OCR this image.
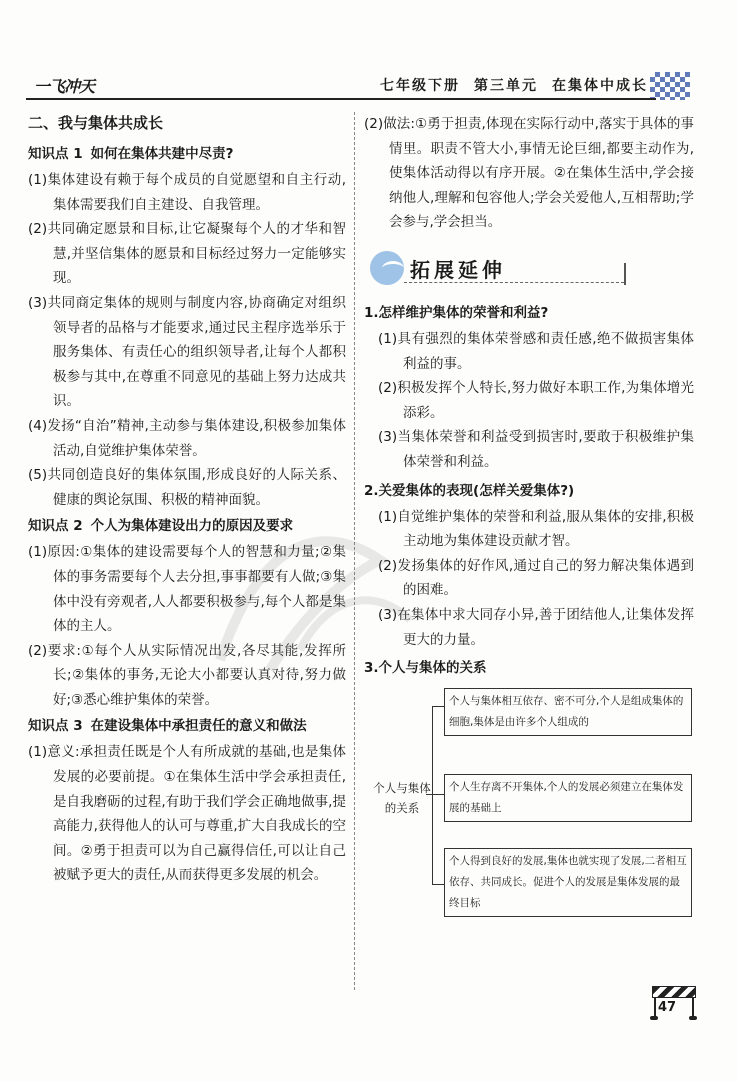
一飞冲天	七年级下册 第三单元 在集体中成长
二、我与集体共成长
知识点 1 如何在集体共建中尽责?

(1)集体建设有赖于每个成员的自觉愿望和自主行动,集体需要我们自主建设、自我管理。

(2)共同确定愿景和目标,让它凝聚每个人的才华和智慧,并坚信集体的愿景和目标经过努力一定能够实现。

(3)共同商定集体的规则与制度内容,协商确定对组织领导者的品格与才能要求,通过民主程序选举乐于服务集体、有责任心的组织领导者,让每个人都积极参与其中,在尊重不同意见的基础上努力达成共识。

(4)发扬“自治”精神,主动参与集体建设,积极参加集体活动,自觉维护集体荣誉。

(5)共同创造良好的集体氛围,形成良好的人际关系、健康的舆论氛围、积极的精神面貌。

知识点 2 个人为集体建设出力的原因及要求

(1)原因:①集体的建设需要每个人的智慧和力量;②集体的事务需要每个人去分担,事事都要有人做;③集体中没有旁观者,人人都要积极参与,每个人都是集体的主人。

(2)要求:①每个人从实际情况出发,各尽其能,发挥所长;②集体的事务,无论大小都要认真对待,努力做好;③悉心维护集体的荣誉。

知识点 3 在建设集体中承担责任的意义和做法

(1)意义:承担责任既是个人有所成就的基础,也是集体发展的必要前提。①在集体生活中学会承担责任,是自我磨砺的过程,有助于我们学会正确地做事,提高能力,获得他人的认可与尊重,扩大自我成长的空间。②勇于担责可以为自己赢得信任,可以让自己被赋予更大的责任,从而获得更多发展的机会。

(2)做法:①勇于担责,体现在实际行动中,落实于具体的事情里。职责不管大小,事情无论巨细,都要主动作为,使集体活动得以有序开展。②在集体生活中,学会接纳他人,理解和包容他人;学会关爱他人,互相帮助;学会参与,学会担当。

拓展延伸
1.怎样维护集体的荣誉和利益?

(1)具有强烈的集体荣誉感和责任感,绝不做损害集体利益的事。

(2)积极发挥个人特长,努力做好本职工作,为集体增光添彩。

(3)当集体荣誉和利益受到损害时,要敢于积极维护集体荣誉和利益。

2.关爱集体的表现(怎样关爱集体?)

(1)自觉维护集体的荣誉和利益,服从集体的安排,积极主动地为集体建设贡献才智。

(2)发扬集体的好作风,通过自己的努力解决集体遇到的困难。

(3)在集体中求大同存小异,善于团结他人,让集体发挥更大的力量。

3.个人与集体的关系
个人与集体的关系
个人与集体相互依存、密不可分,个人是组成集体的细胞,集体是由许多个人组成的
个人生存离不开集体,个人的发展必须建立在集体发展的基础上
个人得到良好的发展,集体也就实现了发展,二者相互依存、共同成长。促进个人的发展是集体发展的最终目标
47
